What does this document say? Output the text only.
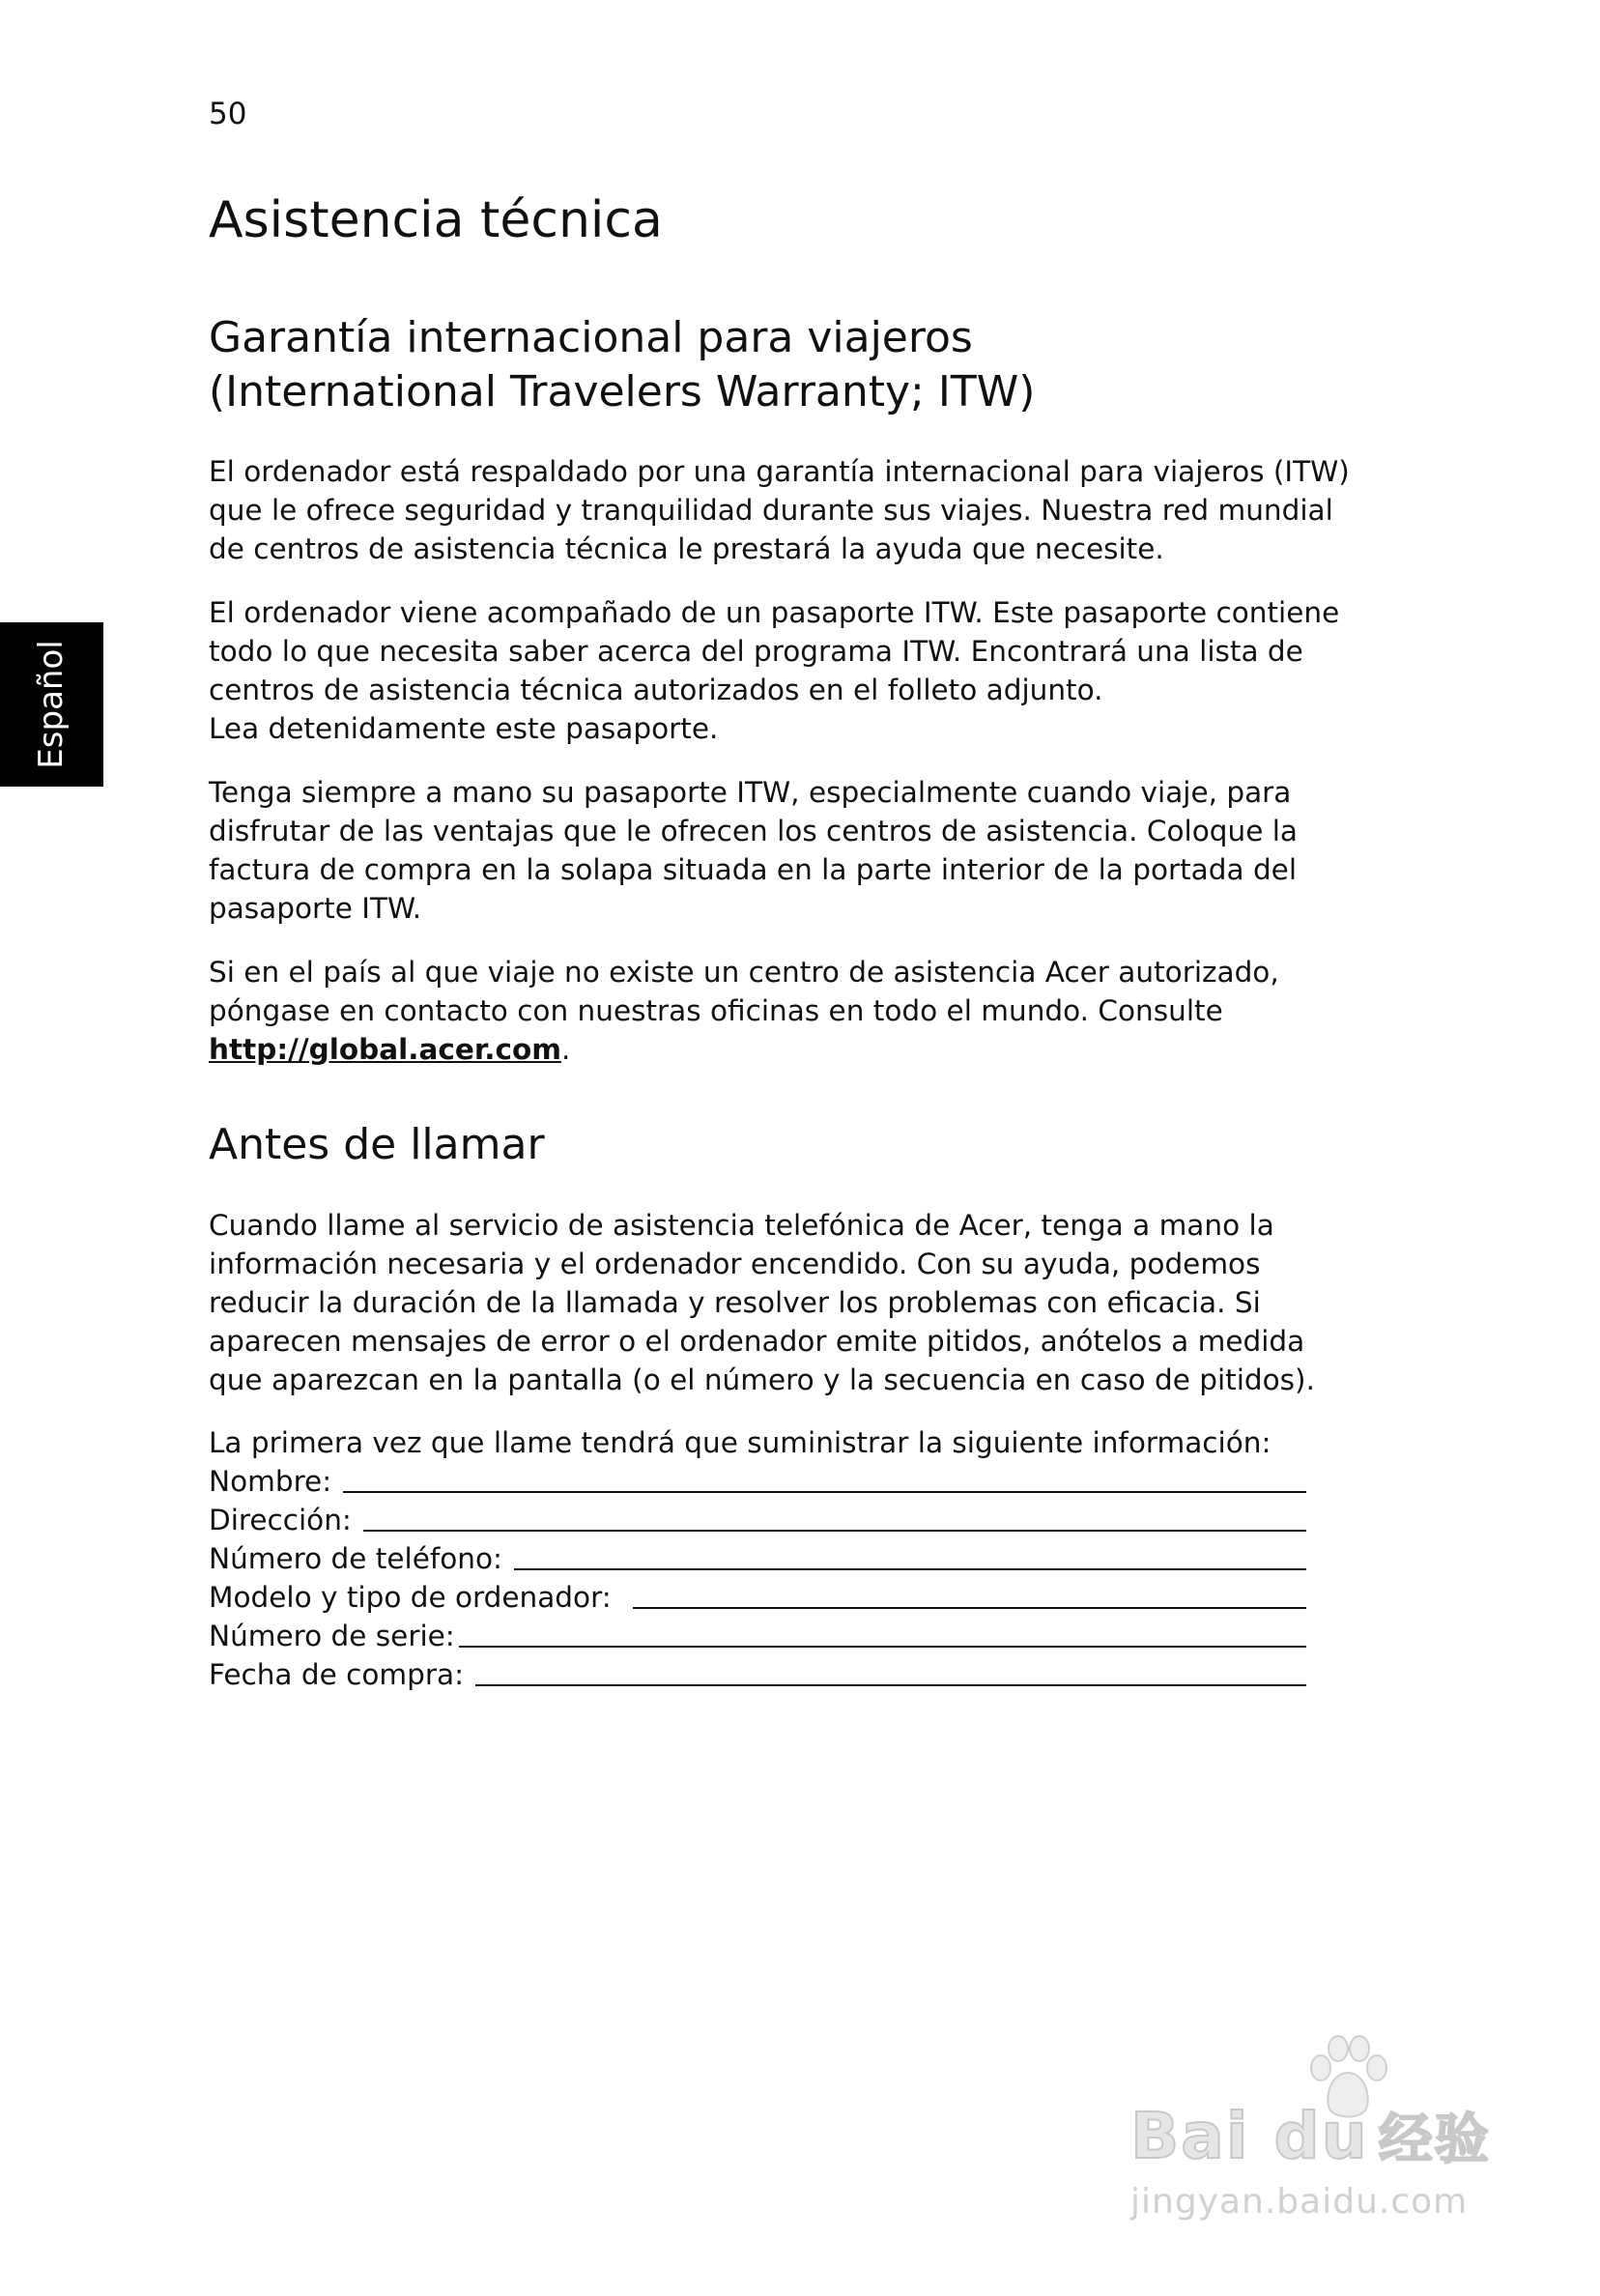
50
Español
Asistencia técnica
Garantía internacional para viajeros
(International Travelers Warranty; ITW)
El ordenador está respaldado por una garantía internacional para viajeros (ITW)
que le ofrece seguridad y tranquilidad durante sus viajes. Nuestra red mundial
de centros de asistencia técnica le prestará la ayuda que necesite.
El ordenador viene acompañado de un pasaporte ITW. Este pasaporte contiene
todo lo que necesita saber acerca del programa ITW. Encontrará una lista de
centros de asistencia técnica autorizados en el folleto adjunto.
Lea detenidamente este pasaporte.
Tenga siempre a mano su pasaporte ITW, especialmente cuando viaje, para
disfrutar de las ventajas que le ofrecen los centros de asistencia. Coloque la
factura de compra en la solapa situada en la parte interior de la portada del
pasaporte ITW.
Si en el país al que viaje no existe un centro de asistencia Acer autorizado,
póngase en contacto con nuestras oficinas en todo el mundo. Consulte
http://global.acer.com.
Antes de llamar
Cuando llame al servicio de asistencia telefónica de Acer, tenga a mano la
información necesaria y el ordenador encendido. Con su ayuda, podemos
reducir la duración de la llamada y resolver los problemas con eficacia. Si
aparecen mensajes de error o el ordenador emite pitidos, anótelos a medida
que aparezcan en la pantalla (o el número y la secuencia en caso de pitidos).
La primera vez que llame tendrá que suministrar la siguiente información:
Nombre:
Dirección:
Número de teléfono:
Modelo y tipo de ordenador:
Número de serie:
Fecha de compra:
Bai du 经验
jingyan.baidu.com
